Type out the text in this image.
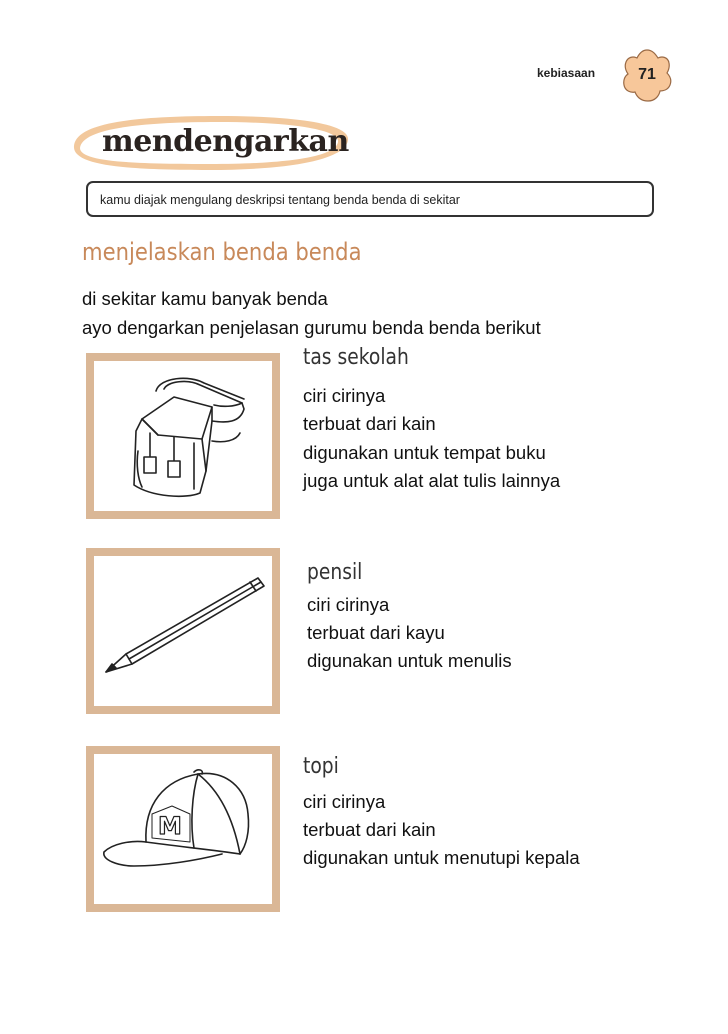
kebiasaan	71
mendengarkan
kamu diajak mengulang deskripsi tentang benda benda di sekitar
menjelaskan benda benda
di sekitar kamu banyak benda
ayo dengarkan penjelasan gurumu benda benda berikut
tas sekolah
ciri cirinya
terbuat dari kain
digunakan untuk tempat buku
juga untuk alat alat tulis lainnya
pensil
ciri cirinya
terbuat dari kayu
digunakan untuk menulis
M
topi
ciri cirinya
terbuat dari kain
digunakan untuk menutupi kepala
